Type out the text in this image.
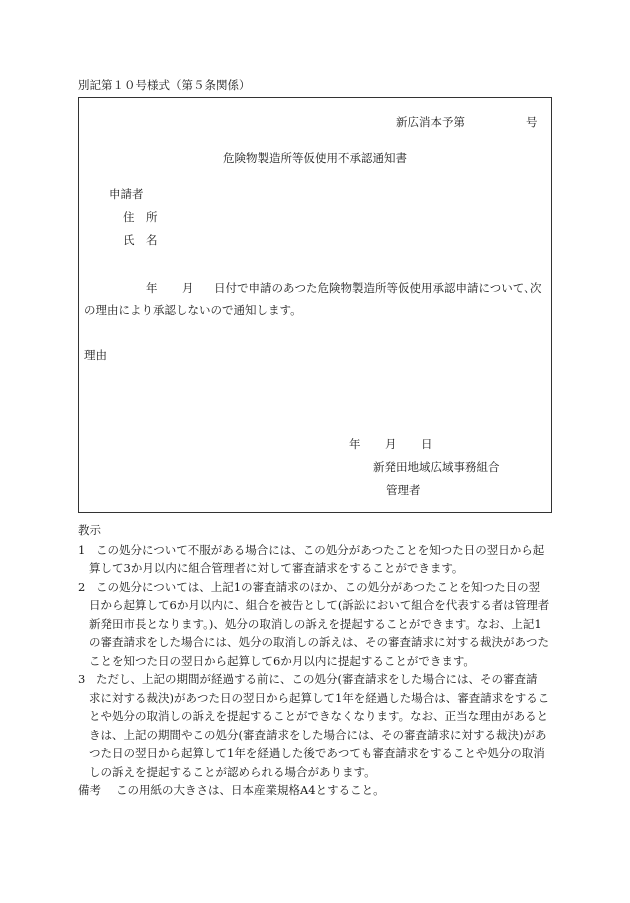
別記第１０号様式（第５条関係）
新広消本予第	号
危険物製造所等仮使用不承認通知書
申請者
住　所
氏　名
年 月 日付で申請のあつた危険物製造所等仮使用承認申請について､次
の理由により承認しないので通知します。
理由
年 月 日
新発田地域広域事務組合
管理者
教示
1 この処分について不服がある場合には、この処分があつたことを知つた日の翌日から起
算して3か月以内に組合管理者に対して審査請求をすることができます。
2 この処分については、上記1の審査請求のほか、この処分があつたことを知つた日の翌
日から起算して6か月以内に、組合を被告として(訴訟において組合を代表する者は管理者
新発田市長となります。)、処分の取消しの訴えを提起することができます。なお、上記1
の審査請求をした場合には、処分の取消しの訴えは、その審査請求に対する裁決があつた
ことを知つた日の翌日から起算して6か月以内に提起することができます。
3 ただし、上記の期間が経過する前に、この処分(審査請求をした場合には、その審査請
求に対する裁決)があつた日の翌日から起算して1年を経過した場合は、審査請求をするこ
とや処分の取消しの訴えを提起することができなくなります。なお、正当な理由があると
きは、上記の期間やこの処分(審査請求をした場合には、その審査請求に対する裁決)があ
つた日の翌日から起算して1年を経過した後であつても審査請求をすることや処分の取消
しの訴えを提起することが認められる場合があります。
備考 この用紙の大きさは、日本産業規格A4とすること。
